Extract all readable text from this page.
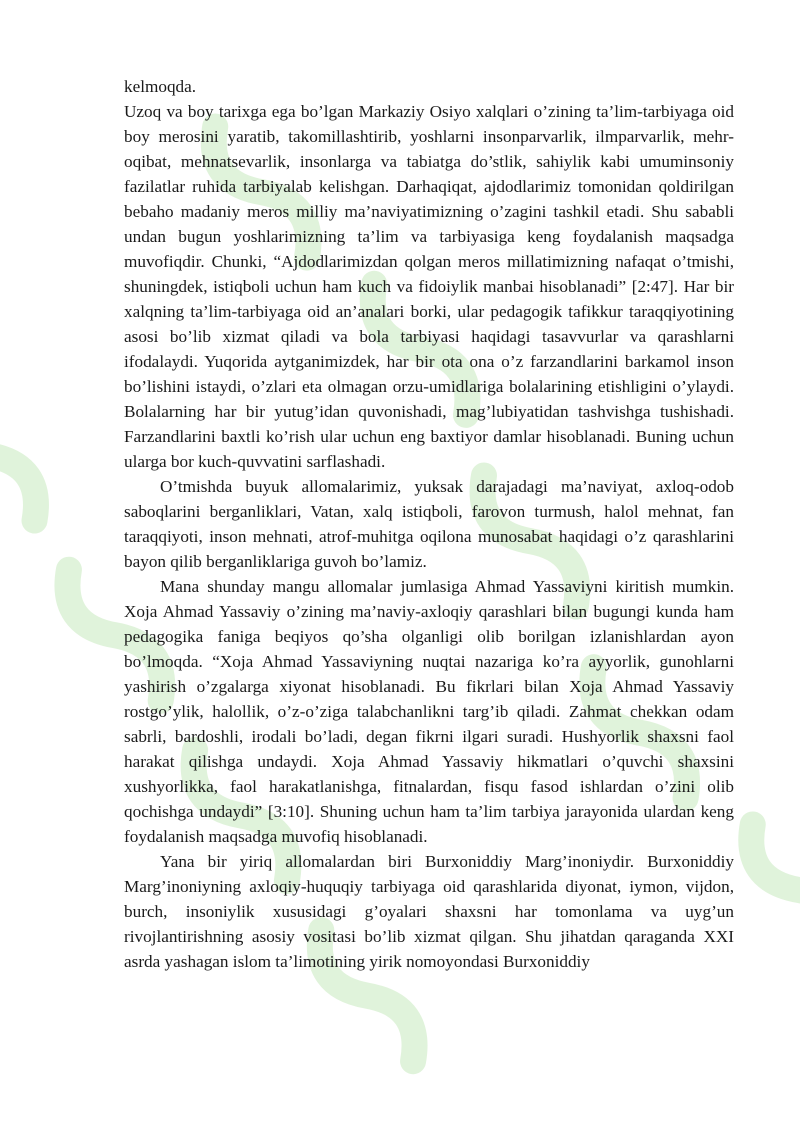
kelmoqda.

Uzoq va boy tarixga ega bo’lgan Markaziy Osiyo xalqlari o’zining ta’lim-tarbiyaga oid boy merosini yaratib, takomillashtirib, yoshlarni insonparvarlik, ilmparvarlik, mehr-oqibat, mehnatsevarlik, insonlarga va tabiatga do’stlik, sahiylik kabi umuminsoniy fazilatlar ruhida tarbiyalab kelishgan. Darhaqiqat, ajdodlarimiz tomonidan qoldirilgan bebaho madaniy meros milliy ma’naviyatimizning o’zagini tashkil etadi. Shu sababli undan bugun yoshlarimizning ta’lim va tarbiyasiga keng foydalanish maqsadga muvofiqdir. Chunki, “Ajdodlarimizdan qolgan meros millatimizning nafaqat o’tmishi, shuningdek, istiqboli uchun ham kuch va fidoiylik manbai hisoblanadi” [2:47]. Har bir xalqning ta’lim-tarbiyaga oid an’analari borki, ular pedagogik tafikkur taraqqiyotining asosi bo’lib xizmat qiladi va bola tarbiyasi haqidagi tasavvurlar va qarashlarni ifodalaydi. Yuqorida aytganimizdek, har bir ota ona o’z farzandlarini barkamol inson bo’lishini istaydi, o’zlari eta olmagan orzu-umidlariga bolalarining etishligini o’ylaydi. Bolalarning har bir yutug’idan quvonishadi, mag’lubiyatidan tashvishga tushishadi. Farzandlarini baxtli ko’rish ular uchun eng baxtiyor damlar hisoblanadi. Buning uchun ularga bor kuch-quvvatini sarflashadi.

O’tmishda buyuk allomalarimiz, yuksak darajadagi ma’naviyat, axloq-odob saboqlarini berganliklari, Vatan, xalq istiqboli, farovon turmush, halol mehnat, fan taraqqiyoti, inson mehnati, atrof-muhitga oqilona munosabat haqidagi o’z qarashlarini bayon qilib berganliklariga guvoh bo’lamiz.

Mana shunday mangu allomalar jumlasiga Ahmad Yassaviyni kiritish mumkin. Xoja Ahmad Yassaviy o’zining ma’naviy-axloqiy qarashlari bilan bugungi kunda ham pedagogika faniga beqiyos qo’sha olganligi olib borilgan izlanishlardan ayon bo’lmoqda. “Xoja Ahmad Yassaviyning nuqtai nazariga ko’ra ayyorlik, gunohlarni yashirish o’zgalarga xiyonat hisoblanadi. Bu fikrlari bilan Xoja Ahmad Yassaviy rostgo’ylik, halollik, o’z-o’ziga talabchanlikni targ’ib qiladi. Zahmat chekkan odam sabrli, bardoshli, irodali bo’ladi, degan fikrni ilgari suradi. Hushyorlik shaxsni faol harakat qilishga undaydi. Xoja Ahmad Yassaviy hikmatlari o’quvchi shaxsini xushyorlikka, faol harakatlanishga, fitnalardan, fisqu fasod ishlardan o’zini olib qochishga undaydi” [3:10]. Shuning uchun ham ta’lim tarbiya jarayonida ulardan keng foydalanish maqsadga muvofiq hisoblanadi.

Yana bir yiriq allomalardan biri Burxoniddiy Marg’inoniydir. Burxoniddiy Marg’inoniyning axloqiy-huquqiy tarbiyaga oid qarashlarida diyonat, iymon, vijdon, burch, insoniylik xususidagi g’oyalari shaxsni har tomonlama va uyg’un rivojlantirishning asosiy vositasi bo’lib xizmat qilgan. Shu jihatdan qaraganda XXI asrda yashagan islom ta’limotining yirik nomoyondasi Burxoniddiy
